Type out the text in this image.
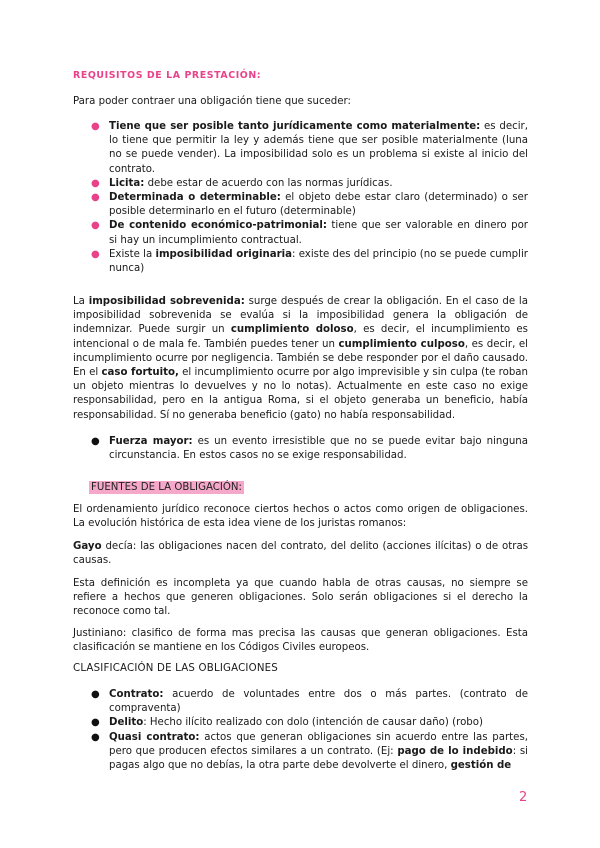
REQUISITOS DE LA PRESTACIÓN:

Para poder contraer una obligación tiene que suceder:

● Tiene que ser posible tanto jurídicamente como materialmente: es decir, lo tiene que permitir la ley y además tiene que ser posible materialmente (luna no se puede vender). La imposibilidad solo es un problema si existe al inicio del contrato.
● Licita: debe estar de acuerdo con las normas jurídicas.
● Determinada o determinable: el objeto debe estar claro (determinado) o ser posible determinarlo en el futuro (determinable)
● De contenido económico-patrimonial: tiene que ser valorable en dinero por si hay un incumplimiento contractual.
● Existe la imposibilidad originaria: existe des del principio (no se puede cumplir nunca)

La imposibilidad sobrevenida: surge después de crear la obligación. En el caso de la imposibilidad sobrevenida se evalúa si la imposibilidad genera la obligación de indemnizar. Puede surgir un cumplimiento doloso, es decir, el incumplimiento es intencional o de mala fe. También puedes tener un cumplimiento culposo, es decir, el incumplimiento ocurre por negligencia. También se debe responder por el daño causado. En el caso fortuito, el incumplimiento ocurre por algo imprevisible y sin culpa (te roban un objeto mientras lo devuelves y no lo notas). Actualmente en este caso no exige responsabilidad, pero en la antigua Roma, si el objeto generaba un beneficio, había responsabilidad. Sí no generaba beneficio (gato) no había responsabilidad.

● Fuerza mayor: es un evento irresistible que no se puede evitar bajo ninguna circunstancia. En estos casos no se exige responsabilidad.
FUENTES DE LA OBLIGACIÓN:

El ordenamiento jurídico reconoce ciertos hechos o actos como origen de obligaciones. La evolución histórica de esta idea viene de los juristas romanos:

Gayo decía: las obligaciones nacen del contrato, del delito (acciones ilícitas) o de otras causas.

Esta definición es incompleta ya que cuando habla de otras causas, no siempre se refiere a hechos que generen obligaciones. Solo serán obligaciones si el derecho la reconoce como tal.

Justiniano: clasifico de forma mas precisa las causas que generan obligaciones. Esta clasificación se mantiene en los Códigos Civiles europeos.

CLASIFICACIÓN DE LAS OBLIGACIONES
● Contrato: acuerdo de voluntades entre dos o más partes. (contrato de compraventa)
● Delito: Hecho ilícito realizado con dolo (intención de causar daño) (robo)
● Quasi contrato: actos que generan obligaciones sin acuerdo entre las partes, pero que producen efectos similares a un contrato. (Ej: pago de lo indebido: si pagas algo que no debías, la otra parte debe devolverte el dinero, gestión de
2
